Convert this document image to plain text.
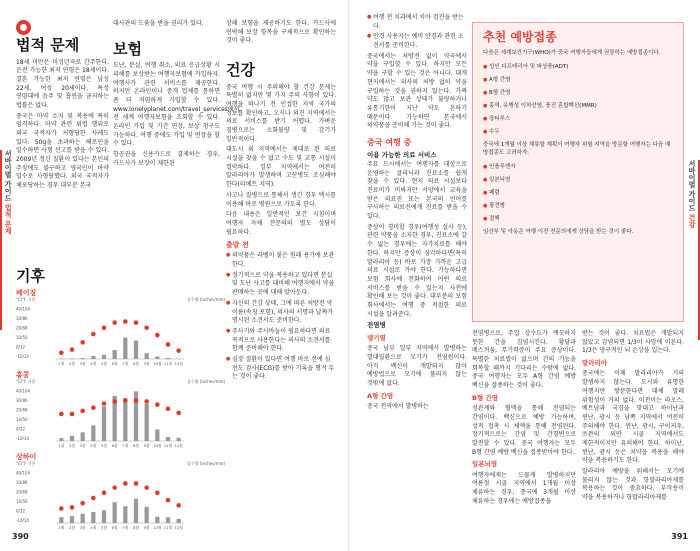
서바이벌 가이드 법적 문제
법적 문제

18세 미만은 미성년자로 간주한다. 운전 가능한 최저 연령은 18세이다. 결혼 가능한 최저 연령은 남성 22세, 여성 20세이다. 특정 연령대에 음주 및 흡연을 금지하는 법률은 없다.

중국은 마약 소지 및 복용에 특히 엄격하다. 마약 관련 위법 행위로 외국 국적자가 처형당한 사례도 있다. 50g을 초과하는 헤로인을 밀수하면 사형 선고를 받을 수 있다. 2009년 정신 질환이 있다는 본인의 주장에도 불구하고 영국인이 마약 밀수로 사형당했다. 외국 국적자가 체포당하는 경우 대부분 본국

대사관의 도움을 받을 권리가 있다.

보험

도난, 분실, 여행 취소, 의료 응급상황 시 피해를 보상받는 여행자보험에 가입하자. 여행사가 관련 서비스를 제공한다. 하지만 온라인이나 중개 업체를 통하면 좀 더 저렴하게 가입할 수 있다. www.lonelyplanet.com/travel_services에서 전 세계 여행자보험을 조회할 수 있다. 온라인 가입 및 기간 연장, 보상 청구도 가능하다. 여행 중에도 가입 및 연장을 할 수 있다.

항공권을 신용카드로 결제하는 경우, 카드사가 보장이 제한된

상해 보험을 제공하기도 한다. 카드사에 연락해 보장 항목을 구체적으로 확인하는 것이 좋다.

건강

중국 여행 시 주의해야 할 건강 문제는 특별히 없지만 몇 가지 주의 사항이 있다. 여행을 떠나기 전 인접한 지역 국가의 정보를 확인하고, 오지나 외진 지역에서는 의료 서비스를 받기 어렵다. 가벼운 질병으로는 소화불량 및 감기가 일반적이다.

대도시 외 지역에서는 제대로 된 의료 시설을 찾을 수 없고 수도 및 교통 시설이 열악하다. 일부 지역에서는 여전히 말라리아가 발생하며 고산병도 조심해야 한다(티베트 지역).

사고나 질병으로 통해서 생긴 경우 택시를 이용해 바로 병원으로 가도록 한다.

다음 내용은 일반적인 보건 지침이며 여행자 자체 전문의의 별도 상담이 필요하다.

출발 전
● 의약품은 라벨이 붙은 원래 용기에 보관한다.
● 정기적으로 약을 복용하고 있다면 분실 및 도난 사고를 대비해 여행지에서 약을 판매하는 곳에 대해 알아둔다.
● 자신의 건강 상태, 그에 따른 처방전 약 이름(속칭 포함), 의사의 서명과 날짜가 명시된 소견서도 준비한다.
● 주사기와 주사바늘이 필요하다면 의료 목적으로 사용한다는 의사의 소견서를 함께 준비해야 한다.
● 심장 질환이 있다면 여행 바로 전에 심전도 검사(ECG)를 받아 기록을 챙겨 두는 것이 좋다.
기후
베이징
°C/°F 기온
40/104
30/86
20/68
10/50
0/32
-10/14
강수량 (inches/mm)
1월 2월 3월 4월 5월 6월 7월 8월 9월 10월 11월 12월
홍콩
°C/°F 기온
40/104
30/86
20/68
10/50
0/32
-10/14
강수량 (inches/mm)
1월 2월 3월 4월 5월 6월 7월 8월 9월 10월 11월 12월
상하이
°C/°F 기온
40/104
30/86
20/68
10/50
0/32
-10/14
강수량 (inches/mm)
1월 2월 3월 4월 5월 6월 7월 8월 9월 10월 11월 12월
390
서바이벌 가이드 건강
● 여행 전 치과에서 치아 검진을 받는다.
● 안경 사용자는 예비 안경과 관련 소견서를 준비한다.

중국에서는 처방전 없이 약국에서 약을 구입할 수 있다. 하지만 모든 약을 구할 수 있는 것은 아니다. 대개 현지에서는 의사의 처방 없이 약을 구입하는 것을 권하지 않는다. 가짜 약도 많고 보관 상태가 불량하거나 유통기한이 지난 약도 흔하기 때문이다. 가능하면 본국에서 의약품을 준비해 가는 것이 좋다.

중국 여행 중
이용 가능한 의료 서비스

주요 도시에서는 여행자를 대상으로 운영하는 클리닉과 진료소를 쉽게 찾을 수 있다. 현지 의료 시설보다 진료비가 비싸지만 서양에서 교육을 받은 의료진 또는 본국의 언어를 구사하는 의료진에게 진료를 받을 수 있다.

중상이 경미할 경우(여행성 설사 등), 관련 약품을 소지한 경우, 진료소에 갈 수 없는 경우에는 자가치료를 해야 한다. 하지만 증상이 심각하다면(특히 말라리아 등) 바로 가장 가까운 고급 의료 시설로 가야 한다. 가능하다면 보험 회사에 전화하여 어떤 의료 서비스를 받을 수 있는지 사전에 확인해 보는 것이 좋다. 대부분의 보험 회사에서는 여행 중 적절한 의료 시설을 알려준다.

전염병
뎅기열

중국 남부 일부 지역에서 발병하는 열대질환으로 모기가 전염원이다. 아직 백신이 개발되지 않아 예방법으로 모기에 물리지 않는 것밖에 없다.

A형 간염

중국 전역에서 발병하는

추천 예방접종

다음은 세계보건기구(WHO)가 중국 여행자들에게 권장하는 예방접종이다.

● 성인 디프테리아 및 파상풍(ADT)
● A형 간염
● B형 간염
● 홍역, 유행성 이하선염, 풍진 혼합백신(MMR)
● 장티푸스
● 수두

중국에 1개월 이상 체류할 계획이 여행자 위험 지역을 방문할 여행자는 다음 예방접종도 고려하자.

● 인플루엔자
● 일본뇌염
● 폐렴
● 광견병
● 결핵

임산부 및 아동은 여행 이전 전문의에게 상담을 받는 것이 좋다.

전염병으로, 주입 상수도가 깨끗하지 못한 간을 감염시킨다. 황달과 메스꺼움, 무기력증이 주요 증상이다. 특별한 치료법이 없으며 간의 기능을 회복할 때까지 기다리는 수밖에 없다. 중국 여행자는 모두 A형 간염 예방 백신을 접종하는 것이 좋다.

B형 간염

성관계와 혈액을 통해 전염되는 간염이다. 백신으로 예방 가능하며, 성적 접촉 시 체액을 통해 전염된다. 장기적으로는 간염 및 간경변으로 발전할 수 있다. 중국 여행자는 모두 B형 간염 예방 백신을 접종받아야 한다.

일본뇌염

여행자에게는 드물게 발병하지만 여름철 시골 지역에서 1개월 이상 체류하는 경우, 중국에 3개월 이상 체류하는 경우에는 예방접종을

받는 것이 좋다. 치료법은 개발되지 않았고 감염되면 1/3이 사망에 이른다. 1/3은 영구적인 뇌 손상을 입는다.

말라리아

중국에는 이제 말라리아가 거의 발생하지 않는다. 도시와 유명한 여행지만 방문한다면 대체 말레 위험성이 거의 없다. 이전이는 라오스, 베트남과 국경을 맞대고 하이난과 윈난, 광시 등 남쪽 지역에서 여전히 주의해야 한다. 윈난, 광시, 구이저우, 쓰촨의 외딴 시골 지역에서도 제한적이지만 유의해야 한다. 하이난, 윈난, 광시 등은 치약을 복용을 해야 약을 복용하기도 한다.

말라리아 예방을 위해서는 모기에 물리지 않는 것과 항말라리아제를 복용하는 것이 중요하다. 부작용이 약을 복용하거나 항말라리아제를

391
